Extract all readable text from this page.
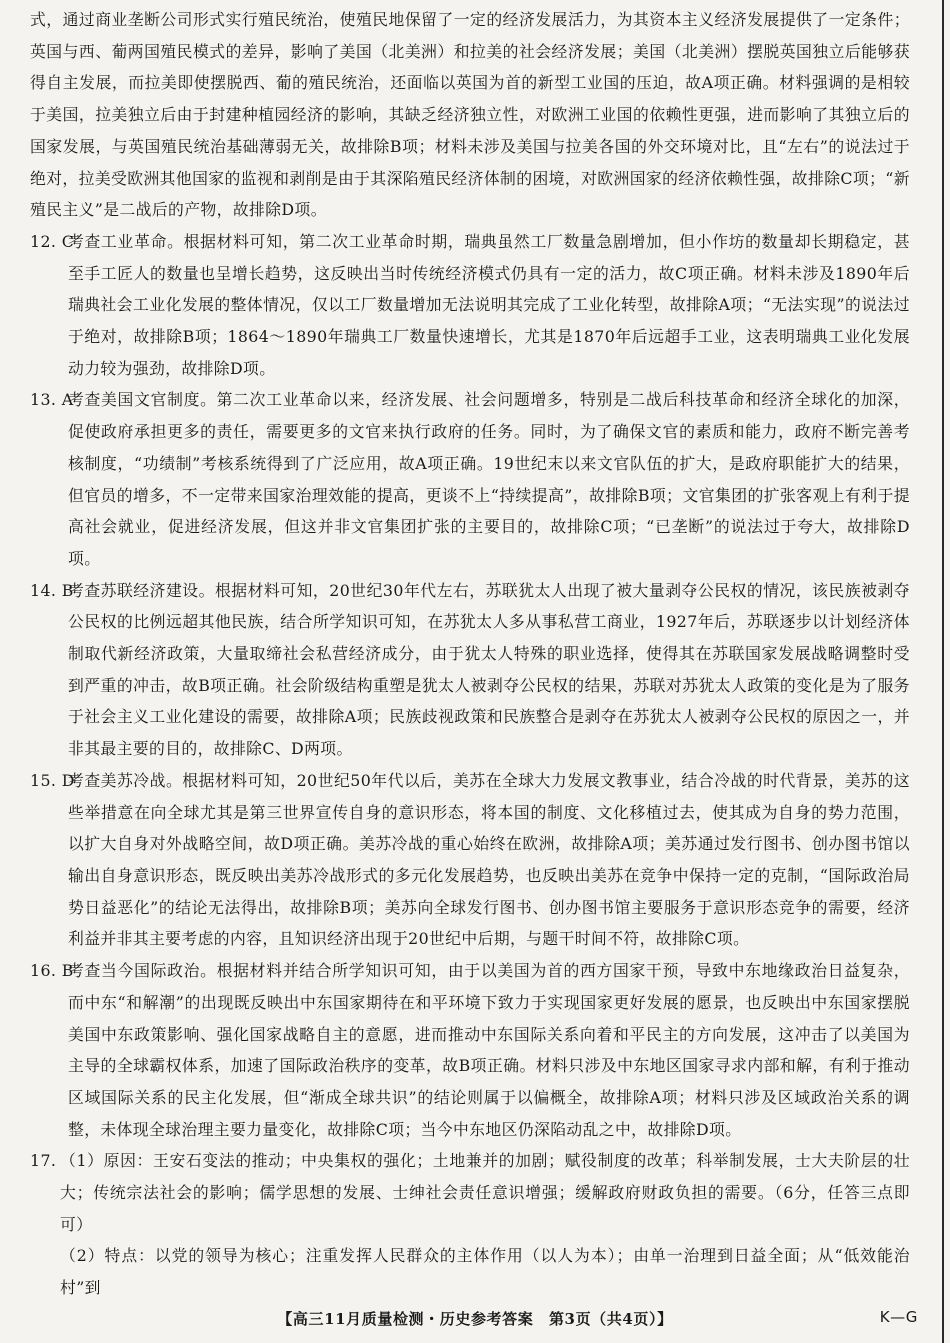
式，通过商业垄断公司形式实行殖民统治，使殖民地保留了一定的经济发展活力，为其资本主义经济发展提供了一定条件；英国与西、葡两国殖民模式的差异，影响了美国（北美洲）和拉美的社会经济发展；美国（北美洲）摆脱英国独立后能够获得自主发展，而拉美即使摆脱西、葡的殖民统治，还面临以英国为首的新型工业国的压迫，故A项正确。材料强调的是相较于美国，拉美独立后由于封建种植园经济的影响，其缺乏经济独立性，对欧洲工业国的依赖性更强，进而影响了其独立后的国家发展，与英国殖民统治基础薄弱无关，故排除B项；材料未涉及美国与拉美各国的外交环境对比，且“左右”的说法过于绝对，拉美受欧洲其他国家的监视和剥削是由于其深陷殖民经济体制的困境，对欧洲国家的经济依赖性强，故排除C项；“新殖民主义”是二战后的产物，故排除D项。

12. C
考查工业革命。根据材料可知，第二次工业革命时期，瑞典虽然工厂数量急剧增加，但小作坊的数量却长期稳定，甚至手工匠人的数量也呈增长趋势，这反映出当时传统经济模式仍具有一定的活力，故C项正确。材料未涉及1890年后瑞典社会工业化发展的整体情况，仅以工厂数量增加无法说明其完成了工业化转型，故排除A项；“无法实现”的说法过于绝对，故排除B项；1864～1890年瑞典工厂数量快速增长，尤其是1870年后远超手工业，这表明瑞典工业化发展动力较为强劲，故排除D项。
13. A
考查美国文官制度。第二次工业革命以来，经济发展、社会问题增多，特别是二战后科技革命和经济全球化的加深，促使政府承担更多的责任，需要更多的文官来执行政府的任务。同时，为了确保文官的素质和能力，政府不断完善考核制度，“功绩制”考核系统得到了广泛应用，故A项正确。19世纪末以来文官队伍的扩大，是政府职能扩大的结果，但官员的增多，不一定带来国家治理效能的提高，更谈不上“持续提高”，故排除B项；文官集团的扩张客观上有利于提高社会就业，促进经济发展，但这并非文官集团扩张的主要目的，故排除C项；“已垄断”的说法过于夸大，故排除D项。
14. B
考查苏联经济建设。根据材料可知，20世纪30年代左右，苏联犹太人出现了被大量剥夺公民权的情况，该民族被剥夺公民权的比例远超其他民族，结合所学知识可知，在苏犹太人多从事私营工商业，1927年后，苏联逐步以计划经济体制取代新经济政策，大量取缔社会私营经济成分，由于犹太人特殊的职业选择，使得其在苏联国家发展战略调整时受到严重的冲击，故B项正确。社会阶级结构重塑是犹太人被剥夺公民权的结果，苏联对苏犹太人政策的变化是为了服务于社会主义工业化建设的需要，故排除A项；民族歧视政策和民族整合是剥夺在苏犹太人被剥夺公民权的原因之一，并非其最主要的目的，故排除C、D两项。
15. D
考查美苏冷战。根据材料可知，20世纪50年代以后，美苏在全球大力发展文教事业，结合冷战的时代背景，美苏的这些举措意在向全球尤其是第三世界宣传自身的意识形态，将本国的制度、文化移植过去，使其成为自身的势力范围，以扩大自身对外战略空间，故D项正确。美苏冷战的重心始终在欧洲，故排除A项；美苏通过发行图书、创办图书馆以输出自身意识形态，既反映出美苏冷战形式的多元化发展趋势，也反映出美苏在竞争中保持一定的克制，“国际政治局势日益恶化”的结论无法得出，故排除B项；美苏向全球发行图书、创办图书馆主要服务于意识形态竞争的需要，经济利益并非其主要考虑的内容，且知识经济出现于20世纪中后期，与题干时间不符，故排除C项。
16. B
考查当今国际政治。根据材料并结合所学知识可知，由于以美国为首的西方国家干预，导致中东地缘政治日益复杂，而中东“和解潮”的出现既反映出中东国家期待在和平环境下致力于实现国家更好发展的愿景，也反映出中东国家摆脱美国中东政策影响、强化国家战略自主的意愿，进而推动中东国际关系向着和平民主的方向发展，这冲击了以美国为主导的全球霸权体系，加速了国际政治秩序的变革，故B项正确。材料只涉及中东地区国家寻求内部和解，有利于推动区域国际关系的民主化发展，但“渐成全球共识”的结论则属于以偏概全，故排除A项；材料只涉及区域政治关系的调整，未体现全球治理主要力量变化，故排除C项；当今中东地区仍深陷动乱之中，故排除D项。
17. （1）原因：王安石变法的推动；中央集权的强化；土地兼并的加剧；赋役制度的改革；科举制发展，士大夫阶层的壮大；传统宗法社会的影响；儒学思想的发展、士绅社会责任意识增强；缓解政府财政负担的需要。（6分，任答三点即可）
（2）特点：以党的领导为核心；注重发挥人民群众的主体作用（以人为本）；由单一治理到日益全面；从“低效能治村”到
【高三11月质量检测・历史参考答案　第3页（共4页）】	K—G
